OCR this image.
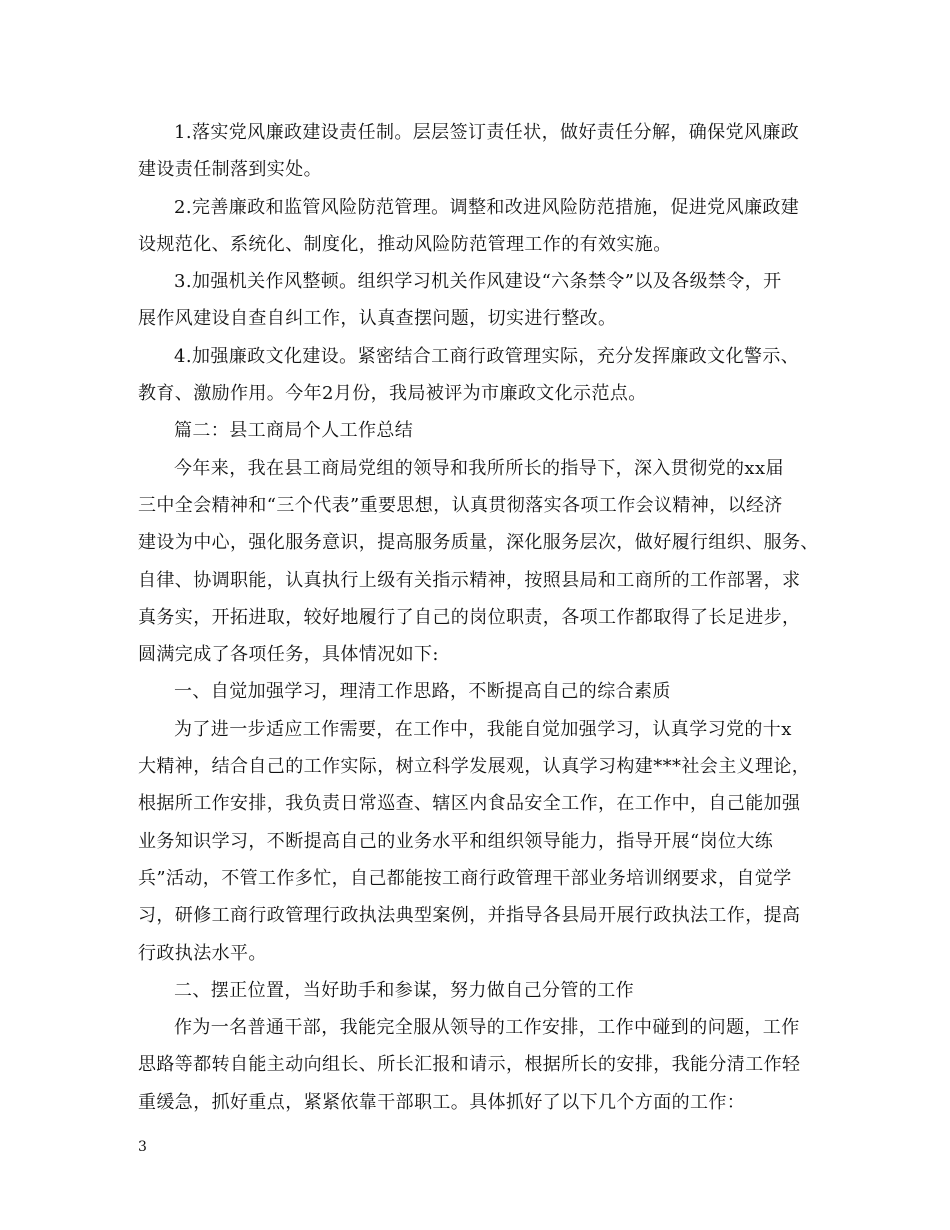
1.落实党风廉政建设责任制。层层签订责任状，做好责任分解，确保党风廉政
建设责任制落到实处。
2.完善廉政和监管风险防范管理。调整和改进风险防范措施，促进党风廉政建
设规范化、系统化、制度化，推动风险防范管理工作的有效实施。
3.加强机关作风整顿。组织学习机关作风建设“六条禁令”以及各级禁令，开
展作风建设自查自纠工作，认真查摆问题，切实进行整改。
4.加强廉政文化建设。紧密结合工商行政管理实际，充分发挥廉政文化警示、
教育、激励作用。今年2月份，我局被评为市廉政文化示范点。
篇二：县工商局个人工作总结
今年来，我在县工商局党组的领导和我所所长的指导下，深入贯彻党的xx届
三中全会精神和“三个代表”重要思想，认真贯彻落实各项工作会议精神，以经济
建设为中心，强化服务意识，提高服务质量，深化服务层次，做好履行组织、服务、
自律、协调职能，认真执行上级有关指示精神，按照县局和工商所的工作部署，求
真务实，开拓进取，较好地履行了自己的岗位职责，各项工作都取得了长足进步，
圆满完成了各项任务，具体情况如下:
一、自觉加强学习，理清工作思路，不断提高自己的综合素质
为了进一步适应工作需要，在工作中，我能自觉加强学习，认真学习党的十x
大精神，结合自己的工作实际，树立科学发展观，认真学习构建***社会主义理论，
根据所工作安排，我负责日常巡查、辖区内食品安全工作，在工作中，自己能加强
业务知识学习，不断提高自己的业务水平和组织领导能力，指导开展“岗位大练
兵”活动，不管工作多忙，自己都能按工商行政管理干部业务培训纲要求，自觉学
习，研修工商行政管理行政执法典型案例，并指导各县局开展行政执法工作，提高
行政执法水平。
二、摆正位置，当好助手和参谋，努力做自己分管的工作
作为一名普通干部，我能完全服从领导的工作安排，工作中碰到的问题，工作
思路等都转自能主动向组长、所长汇报和请示，根据所长的安排，我能分清工作轻
重缓急，抓好重点，紧紧依靠干部职工。具体抓好了以下几个方面的工作：
3
